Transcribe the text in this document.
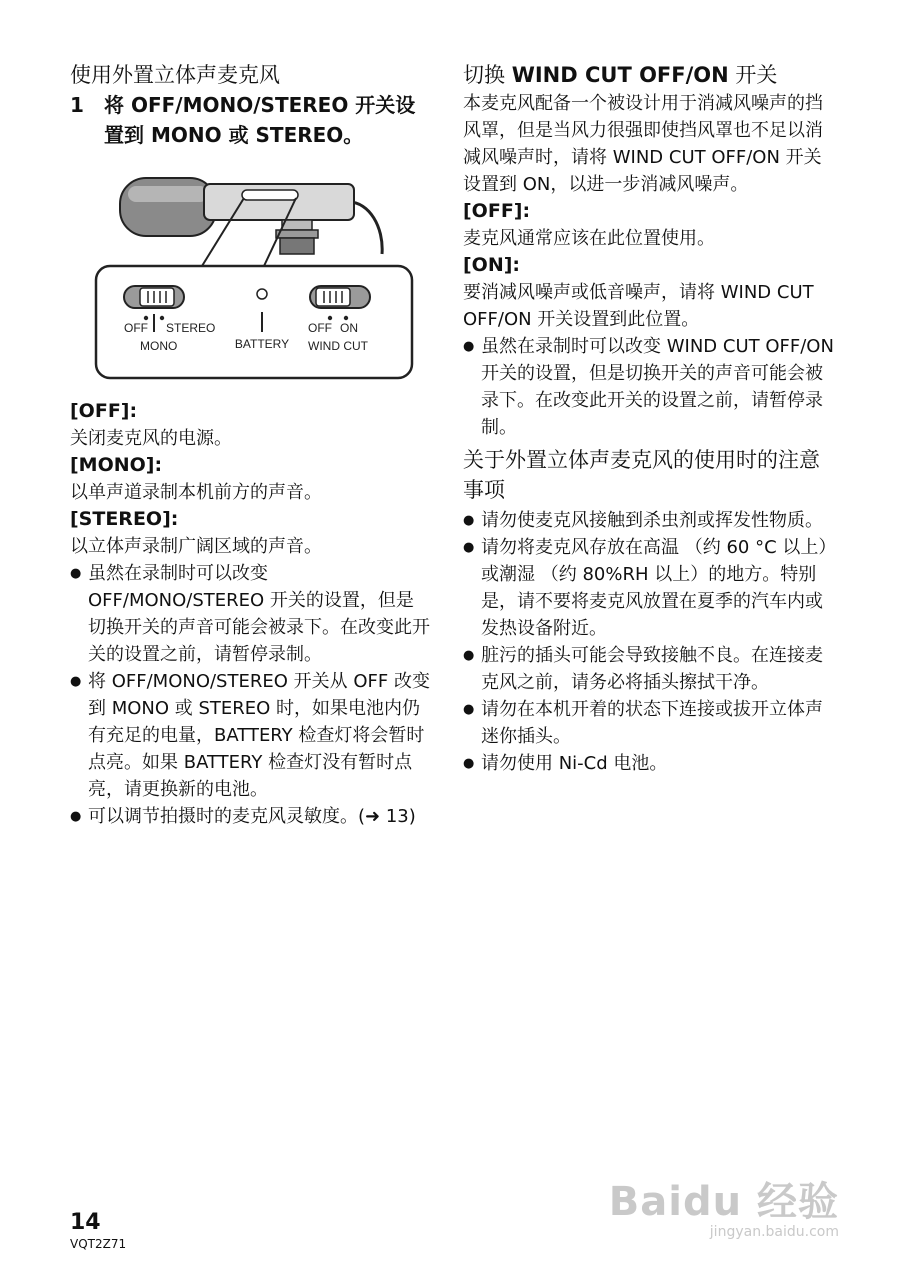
使用外置立体声麦克风
1	将 OFF/MONO/STEREO 开关设置到 MONO 或 STEREO。
OFF STEREO
MONO	BATTERY
OFF ON
WIND CUT

[OFF]:

关闭麦克风的电源。

[MONO]:

以单声道录制本机前方的声音。

[STEREO]:

以立体声录制广阔区域的声音。

● 虽然在录制时可以改变 OFF/MONO/STEREO 开关的设置，但是切换开关的声音可能会被录下。在改变此开关的设置之前，请暂停录制。
● 将 OFF/MONO/STEREO 开关从 OFF 改变到 MONO 或 STEREO 时，如果电池内仍有充足的电量，BATTERY 检查灯将会暂时点亮。如果 BATTERY 检查灯没有暂时点亮，请更换新的电池。
● 可以调节拍摄时的麦克风灵敏度。(➜ 13)
切换 WIND CUT OFF/ON 开关

本麦克风配备一个被设计用于消减风噪声的挡风罩，但是当风力很强即使挡风罩也不足以消减风噪声时，请将 WIND CUT OFF/ON 开关设置到 ON，以进一步消减风噪声。

[OFF]:

麦克风通常应该在此位置使用。

[ON]:

要消减风噪声或低音噪声，请将 WIND CUT OFF/ON 开关设置到此位置。

● 虽然在录制时可以改变 WIND CUT OFF/ON 开关的设置，但是切换开关的声音可能会被录下。在改变此开关的设置之前，请暂停录制。
关于外置立体声麦克风的使用时的注意事项
● 请勿使麦克风接触到杀虫剂或挥发性物质。
● 请勿将麦克风存放在高温 （约 60 °C 以上）或潮湿 （约 80%RH 以上）的地方。特别是，请不要将麦克风放置在夏季的汽车内或发热设备附近。
● 脏污的插头可能会导致接触不良。在连接麦克风之前，请务必将插头擦拭干净。
● 请勿在本机开着的状态下连接或拔开立体声迷你插头。
● 请勿使用 Ni-Cd 电池。
14
VQT2Z71
Baidu 经验
jingyan.baidu.com
